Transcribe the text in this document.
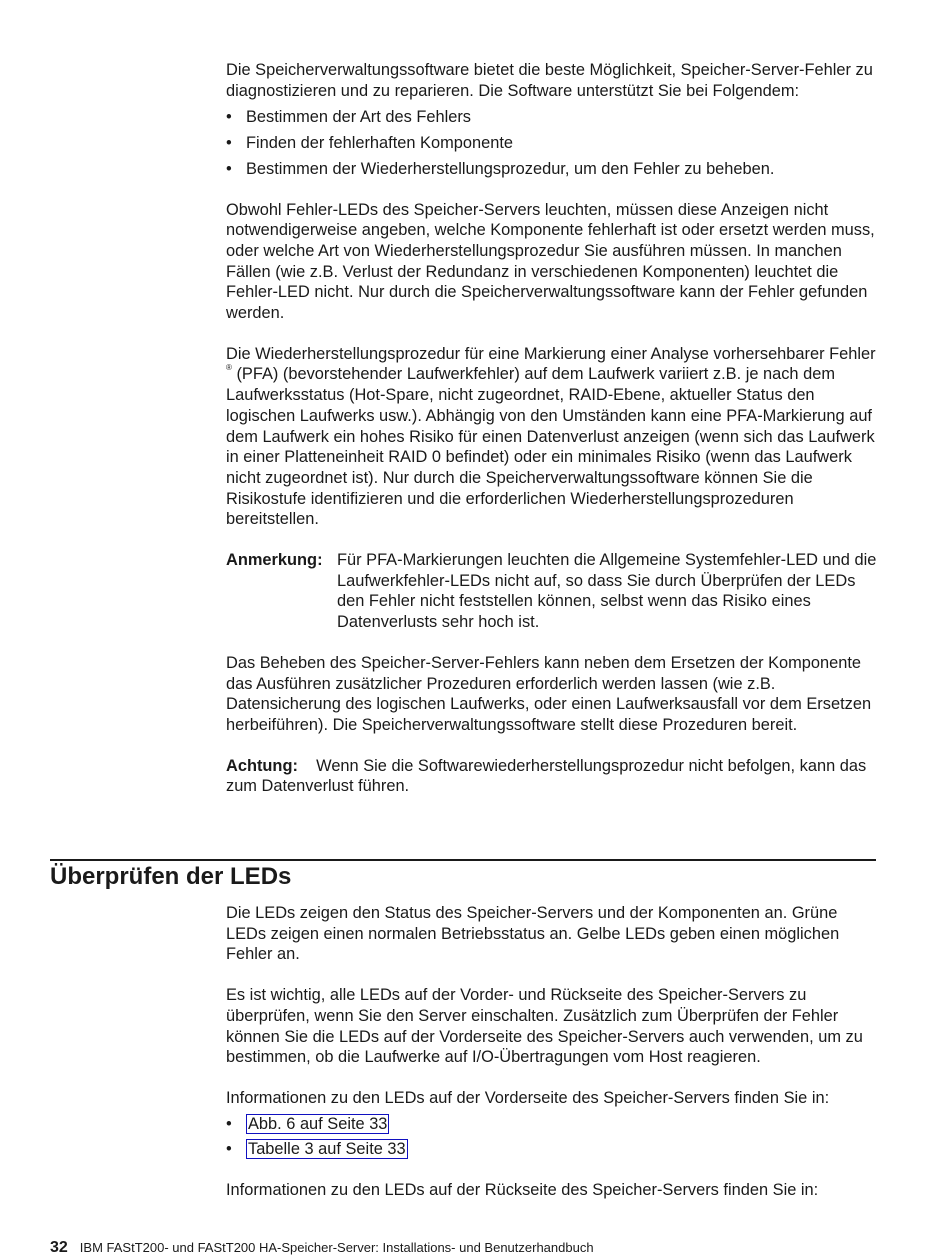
Die Speicherverwaltungssoftware bietet die beste Möglichkeit, Speicher-Server-Fehler zu diagnostizieren und zu reparieren. Die Software unterstützt Sie bei Folgendem:

• Bestimmen der Art des Fehlers
• Finden der fehlerhaften Komponente
• Bestimmen der Wiederherstellungsprozedur, um den Fehler zu beheben.

Obwohl Fehler-LEDs des Speicher-Servers leuchten, müssen diese Anzeigen nicht notwendigerweise angeben, welche Komponente fehlerhaft ist oder ersetzt werden muss, oder welche Art von Wiederherstellungsprozedur Sie ausführen müssen. In manchen Fällen (wie z.B. Verlust der Redundanz in verschiedenen Komponenten) leuchtet die Fehler-LED nicht. Nur durch die Speicherverwaltungssoftware kann der Fehler gefunden werden.

Die Wiederherstellungsprozedur für eine Markierung einer Analyse vorhersehbarer Fehler ® (PFA) (bevorstehender Laufwerkfehler) auf dem Laufwerk variiert z.B. je nach dem Laufwerksstatus (Hot-Spare, nicht zugeordnet, RAID-Ebene, aktueller Status den logischen Laufwerks usw.). Abhängig von den Umständen kann eine PFA-Markierung auf dem Laufwerk ein hohes Risiko für einen Datenverlust anzeigen (wenn sich das Laufwerk in einer Platteneinheit RAID 0 befindet) oder ein minimales Risiko (wenn das Laufwerk nicht zugeordnet ist). Nur durch die Speicherverwaltungssoftware können Sie die Risikostufe identifizieren und die erforderlichen Wiederherstellungsprozeduren bereitstellen.

Anmerkung: Für PFA-Markierungen leuchten die Allgemeine Systemfehler-LED und die Laufwerkfehler-LEDs nicht auf, so dass Sie durch Überprüfen der LEDs den Fehler nicht feststellen können, selbst wenn das Risiko eines Datenverlusts sehr hoch ist.

Das Beheben des Speicher-Server-Fehlers kann neben dem Ersetzen der Komponente das Ausführen zusätzlicher Prozeduren erforderlich werden lassen (wie z.B. Datensicherung des logischen Laufwerks, oder einen Laufwerksausfall vor dem Ersetzen herbeiführen). Die Speicherverwaltungssoftware stellt diese Prozeduren bereit.

Achtung: Wenn Sie die Softwarewiederherstellungsprozedur nicht befolgen, kann das zum Datenverlust führen.

Überprüfen der LEDs

Die LEDs zeigen den Status des Speicher-Servers und der Komponenten an. Grüne LEDs zeigen einen normalen Betriebsstatus an. Gelbe LEDs geben einen möglichen Fehler an.

Es ist wichtig, alle LEDs auf der Vorder- und Rückseite des Speicher-Servers zu überprüfen, wenn Sie den Server einschalten. Zusätzlich zum Überprüfen der Fehler können Sie die LEDs auf der Vorderseite des Speicher-Servers auch verwenden, um zu bestimmen, ob die Laufwerke auf I/O-Übertragungen vom Host reagieren.

Informationen zu den LEDs auf der Vorderseite des Speicher-Servers finden Sie in:

• Abb. 6 auf Seite 33
• Tabelle 3 auf Seite 33

Informationen zu den LEDs auf der Rückseite des Speicher-Servers finden Sie in:

32 IBM FAStT200- und FAStT200 HA-Speicher-Server: Installations- und Benutzerhandbuch
